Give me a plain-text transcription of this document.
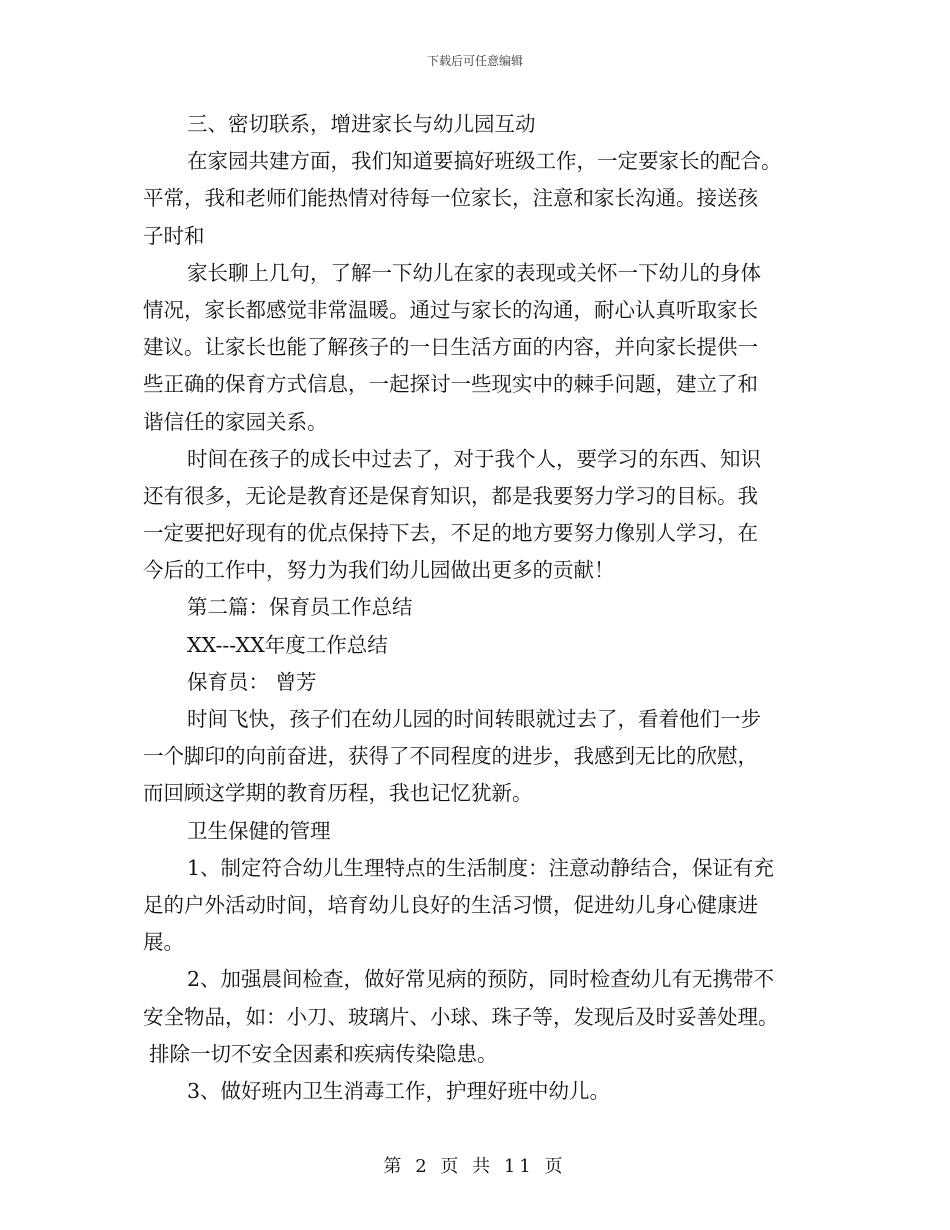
下载后可任意编辑
三、密切联系，增进家长与幼儿园互动
在家园共建方面，我们知道要搞好班级工作，一定要家长的配合。
平常，我和老师们能热情对待每一位家长，注意和家长沟通。接送孩
子时和
家长聊上几句，了解一下幼儿在家的表现或关怀一下幼儿的身体
情况，家长都感觉非常温暖。通过与家长的沟通，耐心认真听取家长
建议。让家长也能了解孩子的一日生活方面的内容，并向家长提供一
些正确的保育方式信息，一起探讨一些现实中的棘手问题，建立了和
谐信任的家园关系。
时间在孩子的成长中过去了，对于我个人，要学习的东西、知识
还有很多，无论是教育还是保育知识，都是我要努力学习的目标。我
一定要把好现有的优点保持下去，不足的地方要努力像别人学习，在
今后的工作中，努力为我们幼儿园做出更多的贡献！
第二篇：保育员工作总结
XX---XX年度工作总结
保育员： 曾芳
时间飞快，孩子们在幼儿园的时间转眼就过去了，看着他们一步
一个脚印的向前奋进，获得了不同程度的进步，我感到无比的欣慰，
而回顾这学期的教育历程，我也记忆犹新。
卫生保健的管理
1、制定符合幼儿生理特点的生活制度：注意动静结合，保证有充
足的户外活动时间，培育幼儿良好的生活习惯，促进幼儿身心健康进
展。
2、加强晨间检查，做好常见病的预防，同时检查幼儿有无携带不
安全物品，如：小刀、玻璃片、小球、珠子等，发现后及时妥善处理。
排除一切不安全因素和疾病传染隐患。
3、做好班内卫生消毒工作，护理好班中幼儿。
第 2 页 共 11 页
